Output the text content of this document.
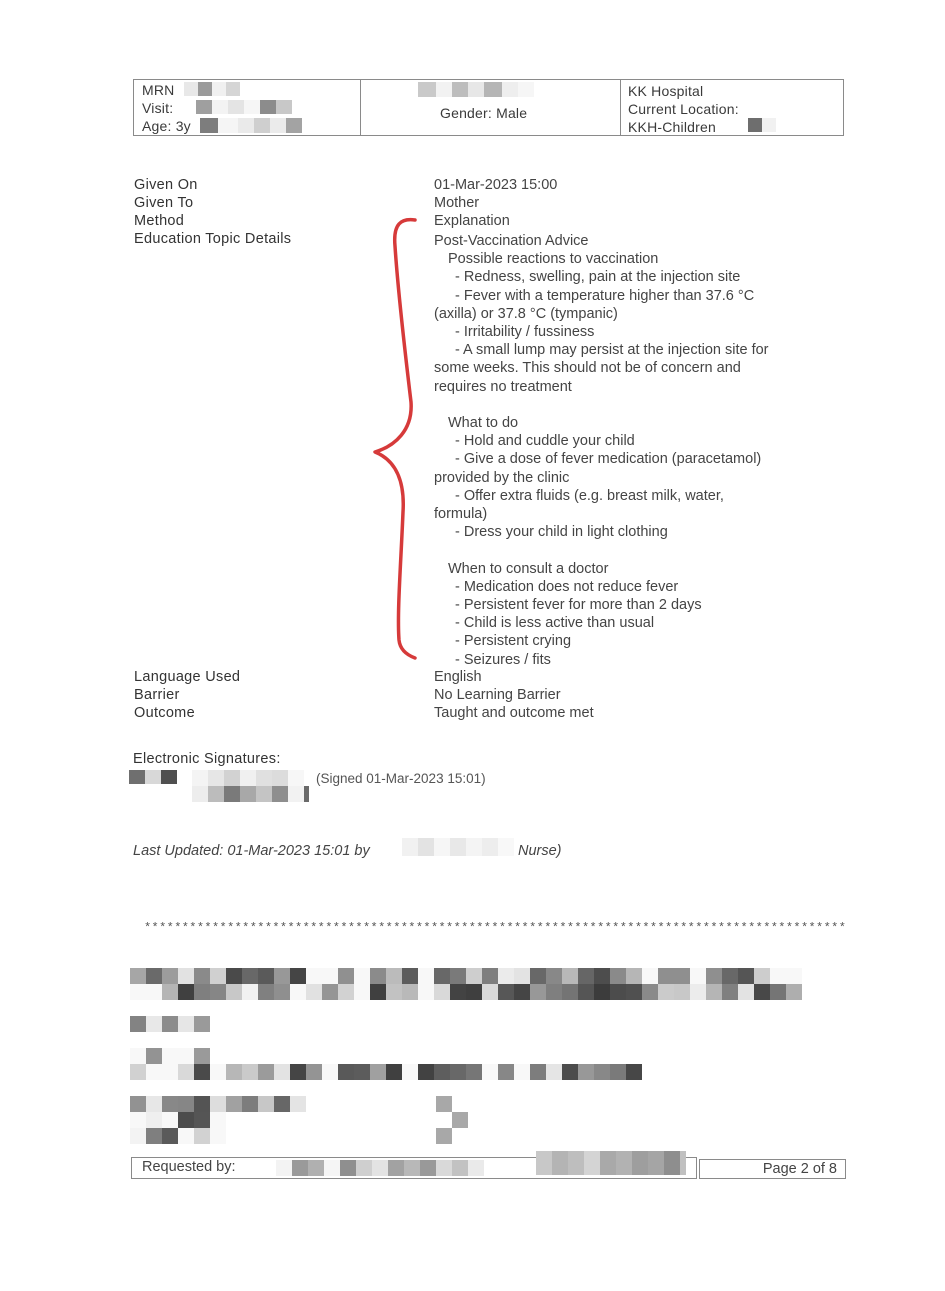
MRN
Visit:
Age: 3y
Gender: Male
KK Hospital
Current Location:
KKH-Children
Given On	01-Mar-2023 15:00
Given To	Mother
Method	Explanation
Education Topic Details	Post-Vaccination Advice
Possible reactions to vaccination
- Redness, swelling, pain at the injection site
- Fever with a temperature higher than 37.6 °C
(axilla) or 37.8 °C (tympanic)
- Irritability / fussiness
- A small lump may persist at the injection site for
some weeks. This should not be of concern and
requires no treatment
What to do
- Hold and cuddle your child
- Give a dose of fever medication (paracetamol)
provided by the clinic
- Offer extra fluids (e.g. breast milk, water,
formula)
- Dress your child in light clothing
When to consult a doctor
- Medication does not reduce fever
- Persistent fever for more than 2 days
- Child is less active than usual
- Persistent crying
- Seizures / fits
Language Used	English
Barrier	No Learning Barrier
Outcome	Taught and outcome met
Electronic Signatures:
(Signed 01-Mar-2023 15:01)
Last Updated: 01-Mar-2023 15:01 by	Nurse)
*********************************************************************************************
Requested by:	Page 2 of 8
